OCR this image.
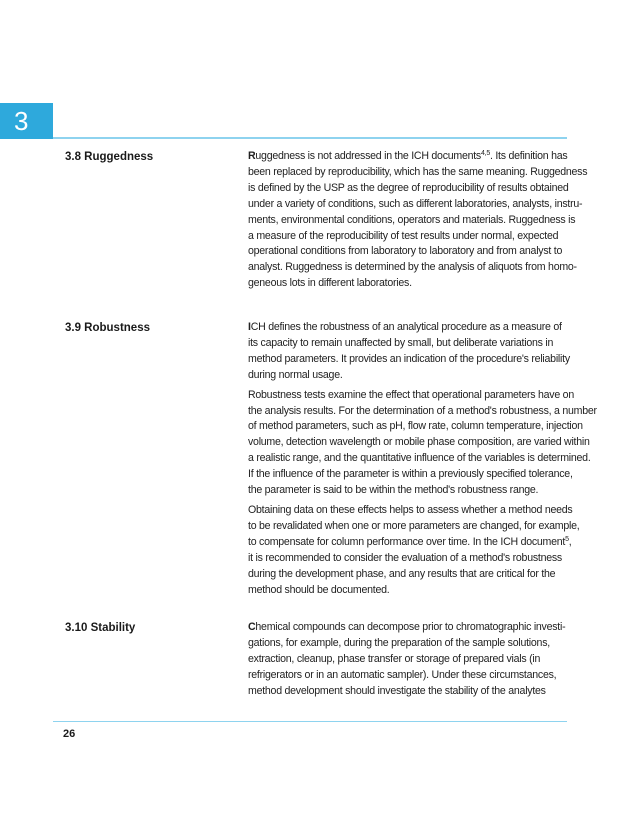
3
3.8 Ruggedness	Ruggedness is not addressed in the ICH documents$^{4,5}$. Its definition has
been replaced by reproducibility, which has the same meaning. Ruggedness
is defined by the USP as the degree of reproducibility of results obtained
under a variety of conditions, such as different laboratories, analysts, instru-
ments, environmental conditions, operators and materials. Ruggedness is
a measure of the reproducibility of test results under normal, expected
operational conditions from laboratory to laboratory and from analyst to
analyst. Ruggedness is determined by the analysis of aliquots from homo-
geneous lots in different laboratories.
3.9 Robustness	ICH defines the robustness of an analytical procedure as a measure of
its capacity to remain unaffected by small, but deliberate variations in
method parameters. It provides an indication of the procedure's reliability
during normal usage.
Robustness tests examine the effect that operational parameters have on
the analysis results. For the determination of a method's robustness, a number
of method parameters, such as pH, flow rate, column temperature, injection
volume, detection wavelength or mobile phase composition, are varied within
a realistic range, and the quantitative influence of the variables is determined.
If the influence of the parameter is within a previously specified tolerance,
the parameter is said to be within the method's robustness range.
Obtaining data on these effects helps to assess whether a method needs
to be revalidated when one or more parameters are changed, for example,
to compensate for column performance over time. In the ICH document$^5$,
it is recommended to consider the evaluation of a method's robustness
during the development phase, and any results that are critical for the
method should be documented.
3.10 Stability	Chemical compounds can decompose prior to chromatographic investi-
gations, for example, during the preparation of the sample solutions,
extraction, cleanup, phase transfer or storage of prepared vials (in
refrigerators or in an automatic sampler). Under these circumstances,
method development should investigate the stability of the analytes
26
